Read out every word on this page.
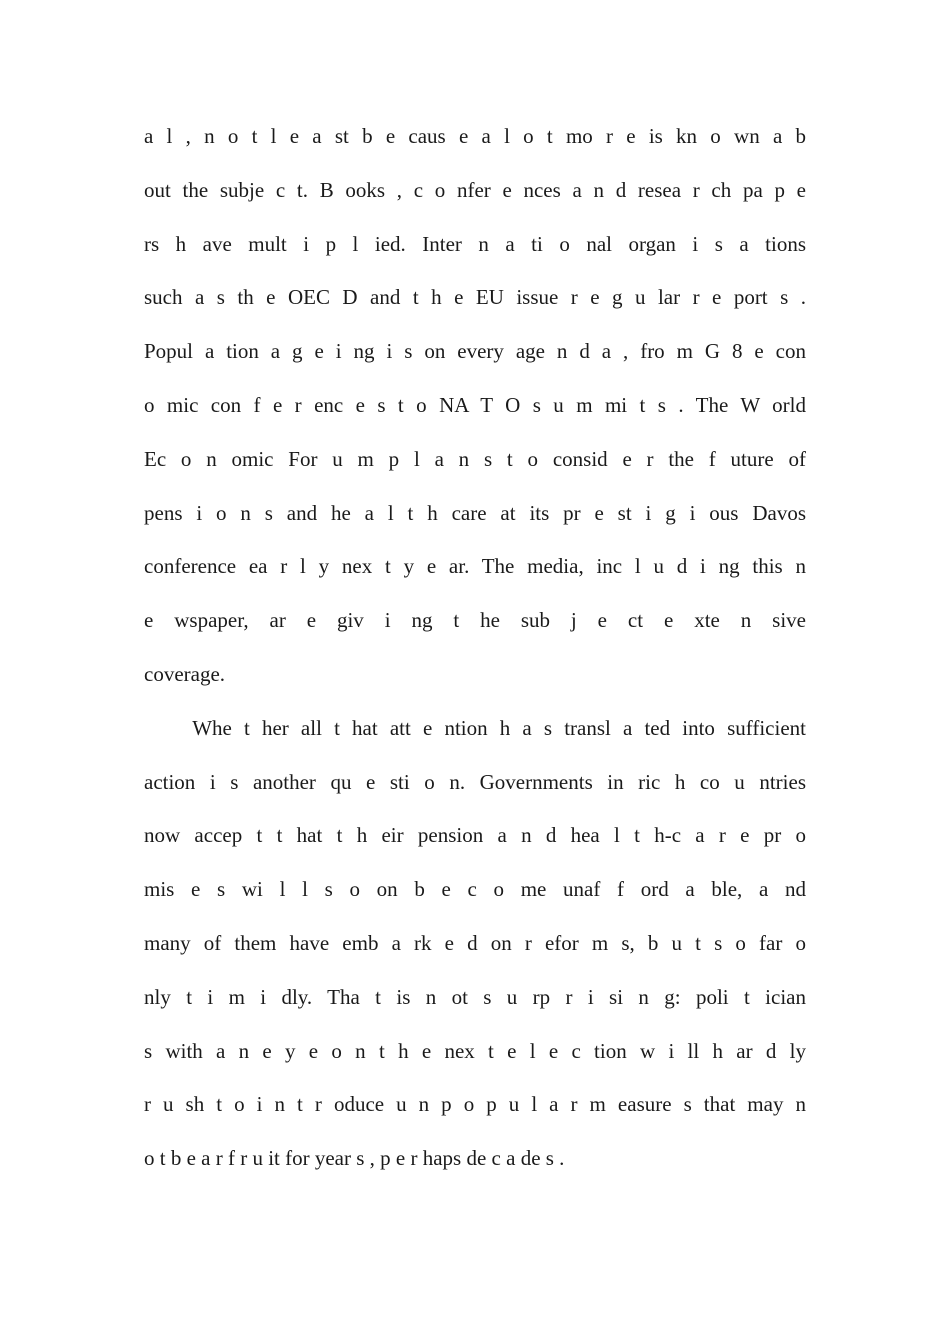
a l , n o t l e a st b e caus e a l o t mo r e is kn o wn a b
out the subje c t. B ooks , c o nfer e nces a n d resea r ch pa p e
rs h ave mult i p l ied. Inter n a ti o nal organ i s a tions
such a s th e OEC D and t h e EU issue r e g u lar r e port s .
Popul a tion a g e i ng i s on every age n d a , fro m G 8 e con
o mic con f e r enc e s t o NA T O s u m mi t s . The W orld
Ec o n omic For u m p l a n s t o consid e r the f uture of
pens i o n s and he a l t h care at its pr e st i g i ous Davos
conference ea r l y nex t y e ar. The media, inc l u d i ng this n
e wspaper, ar e giv i ng t he sub j e ct e xte n sive
coverage.
Whe t her all t hat att e ntion h a s transl a ted into sufficient
action i s another qu e sti o n. Governments in ric h co u ntries
now accep t t hat t h eir pension a n d hea l t h-c a r e pr o
mis e s wi l l s o on b e c o me unaf f ord a ble, a nd
many of them have emb a rk e d on r efor m s, b u t s o far o
nly t i m i dly. Tha t is n ot s u rp r i si n g: poli t ician
s with a n e y e o n t h e nex t e l e c tion w i ll h ar d ly
r u sh t o i n t r oduce u n p o p u l a r m easure s that may n
o t b e a r f r u it for year s , p e r haps de c a de s .
